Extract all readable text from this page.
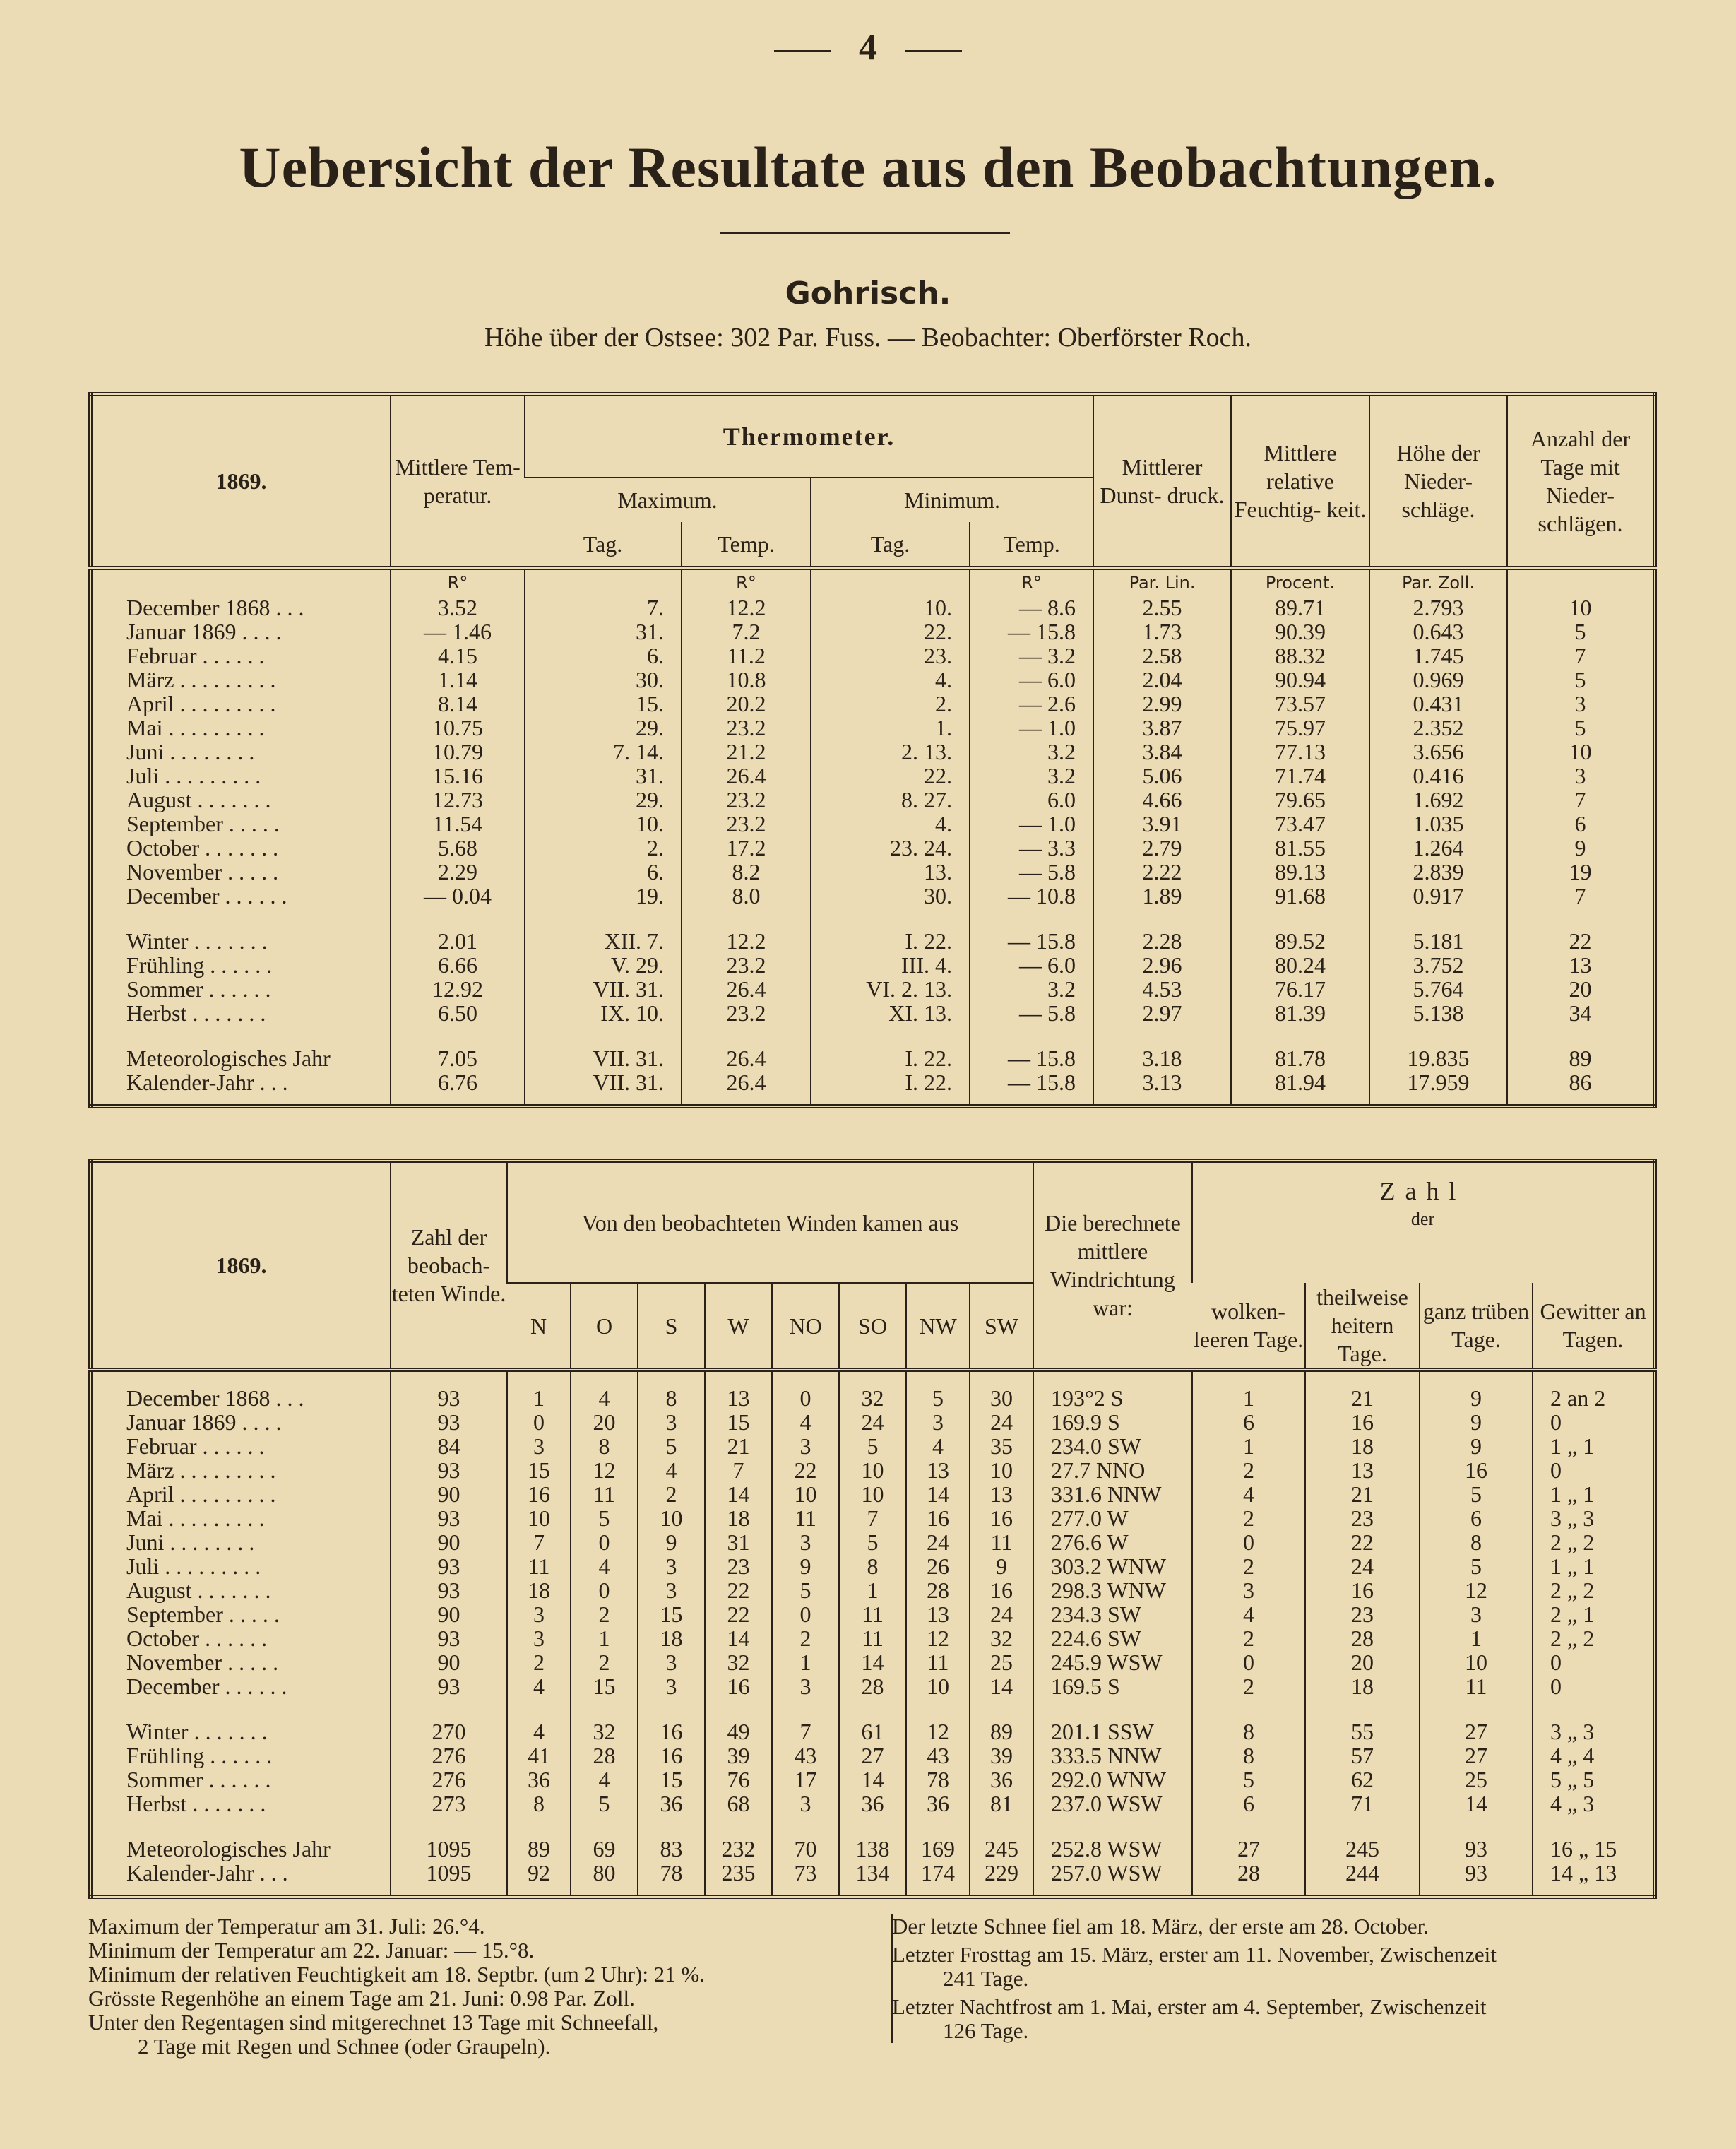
4
Uebersicht der Resultate aus den Beobachtungen.
Gohrisch.
Höhe über der Ostsee: 302 Par. Fuss. — Beobachter: Oberförster Roch.
1869.	Mittlere Tem- peratur.	Thermometer.				Mittlerer Dunst- druck.	Mittlere relative Feuchtig- keit.	Höhe der Nieder- schläge.	Anzahl der Tage mit Nieder- schlägen.
		Maximum.		Minimum.					
		Tag.	Temp.	Tag.	Temp.				
	R°		R°		R°	Par. Lin.	Procent.	Par. Zoll.	
December 1868 . . .	3.52	7.	12.2	10.	— 8.6	2.55	89.71	2.793	10
Januar 1869 . . . .	— 1.46	31.	7.2	22.	— 15.8	1.73	90.39	0.643	5
Februar . . . . . .	4.15	6.	11.2	23.	— 3.2	2.58	88.32	1.745	7
März . . . . . . . . .	1.14	30.	10.8	4.	— 6.0	2.04	90.94	0.969	5
April . . . . . . . . .	8.14	15.	20.2	2.	— 2.6	2.99	73.57	0.431	3
Mai . . . . . . . . .	10.75	29.	23.2	1.	— 1.0	3.87	75.97	2.352	5
Juni . . . . . . . .	10.79	7. 14.	21.2	2. 13.	3.2	3.84	77.13	3.656	10
Juli . . . . . . . . .	15.16	31.	26.4	22.	3.2	5.06	71.74	0.416	3
August . . . . . . .	12.73	29.	23.2	8. 27.	6.0	4.66	79.65	1.692	7
September . . . . .	11.54	10.	23.2	4.	— 1.0	3.91	73.47	1.035	6
October . . . . . . .	5.68	2.	17.2	23. 24.	— 3.3	2.79	81.55	1.264	9
November . . . . .	2.29	6.	8.2	13.	— 5.8	2.22	89.13	2.839	19
December . . . . . .	— 0.04	19.	8.0	30.	— 10.8	1.89	91.68	0.917	7

Winter . . . . . . .	2.01	XII. 7.	12.2	I. 22.	— 15.8	2.28	89.52	5.181	22
Frühling . . . . . .	6.66	V. 29.	23.2	III. 4.	— 6.0	2.96	80.24	3.752	13
Sommer . . . . . .	12.92	VII. 31.	26.4	VI. 2. 13.	3.2	4.53	76.17	5.764	20
Herbst . . . . . . .	6.50	IX. 10.	23.2	XI. 13.	— 5.8	2.97	81.39	5.138	34

Meteorologisches Jahr	7.05	VII. 31.	26.4	I. 22.	— 15.8	3.18	81.78	19.835	89
Kalender-Jahr . . .	6.76	VII. 31.	26.4	I. 22.	— 15.8	3.13	81.94	17.959	86
1869.	Zahl der beobach- teten Winde.	Von den beobachteten Winden kamen aus								Die berechnete mittlere Windrichtung war:	Zahl
der			

		N	O	S	W	NO	SO	NW	SW		wolken- leeren Tage.	theilweise heitern Tage.	ganz trüben Tage.	Gewitter an Tagen.

December 1868 . . .	93	1	4	8	13	0	32	5	30	193°2 S	1	21	9	2 an 2
Januar 1869 . . . .	93	0	20	3	15	4	24	3	24	169.9 S	6	16	9	0
Februar . . . . . .	84	3	8	5	21	3	5	4	35	234.0 SW	1	18	9	1 „ 1
März . . . . . . . . .	93	15	12	4	7	22	10	13	10	27.7 NNO	2	13	16	0
April . . . . . . . . .	90	16	11	2	14	10	10	14	13	331.6 NNW	4	21	5	1 „ 1
Mai . . . . . . . . .	93	10	5	10	18	11	7	16	16	277.0 W	2	23	6	3 „ 3
Juni . . . . . . . .	90	7	0	9	31	3	5	24	11	276.6 W	0	22	8	2 „ 2
Juli . . . . . . . . .	93	11	4	3	23	9	8	26	9	303.2 WNW	2	24	5	1 „ 1
August . . . . . . .	93	18	0	3	22	5	1	28	16	298.3 WNW	3	16	12	2 „ 2
September . . . . .	90	3	2	15	22	0	11	13	24	234.3 SW	4	23	3	2 „ 1
October . . . . . .	93	3	1	18	14	2	11	12	32	224.6 SW	2	28	1	2 „ 2
November . . . . .	90	2	2	3	32	1	14	11	25	245.9 WSW	0	20	10	0
December . . . . . .	93	4	15	3	16	3	28	10	14	169.5 S	2	18	11	0

Winter . . . . . . .	270	4	32	16	49	7	61	12	89	201.1 SSW	8	55	27	3 „ 3
Frühling . . . . . .	276	41	28	16	39	43	27	43	39	333.5 NNW	8	57	27	4 „ 4
Sommer . . . . . .	276	36	4	15	76	17	14	78	36	292.0 WNW	5	62	25	5 „ 5
Herbst . . . . . . .	273	8	5	36	68	3	36	36	81	237.0 WSW	6	71	14	4 „ 3

Meteorologisches Jahr	1095	89	69	83	232	70	138	169	245	252.8 WSW	27	245	93	16 „ 15
Kalender-Jahr . . .	1095	92	80	78	235	73	134	174	229	257.0 WSW	28	244	93	14 „ 13

Maximum der Temperatur am 31. Juli: 26.°4.

Minimum der Temperatur am 22. Januar: — 15.°8.

Minimum der relativen Feuchtigkeit am 18. Septbr. (um 2 Uhr): 21 %.

Grösste Regenhöhe an einem Tage am 21. Juni: 0.98 Par. Zoll.

Unter den Regentagen sind mitgerechnet 13 Tage mit Schneefall,

2 Tage mit Regen und Schnee (oder Graupeln).

Der letzte Schnee fiel am 18. März, der erste am 28. October.

Letzter Frosttag am 15. März, erster am 11. November, Zwischenzeit

241 Tage.

Letzter Nachtfrost am 1. Mai, erster am 4. September, Zwischenzeit

126 Tage.
